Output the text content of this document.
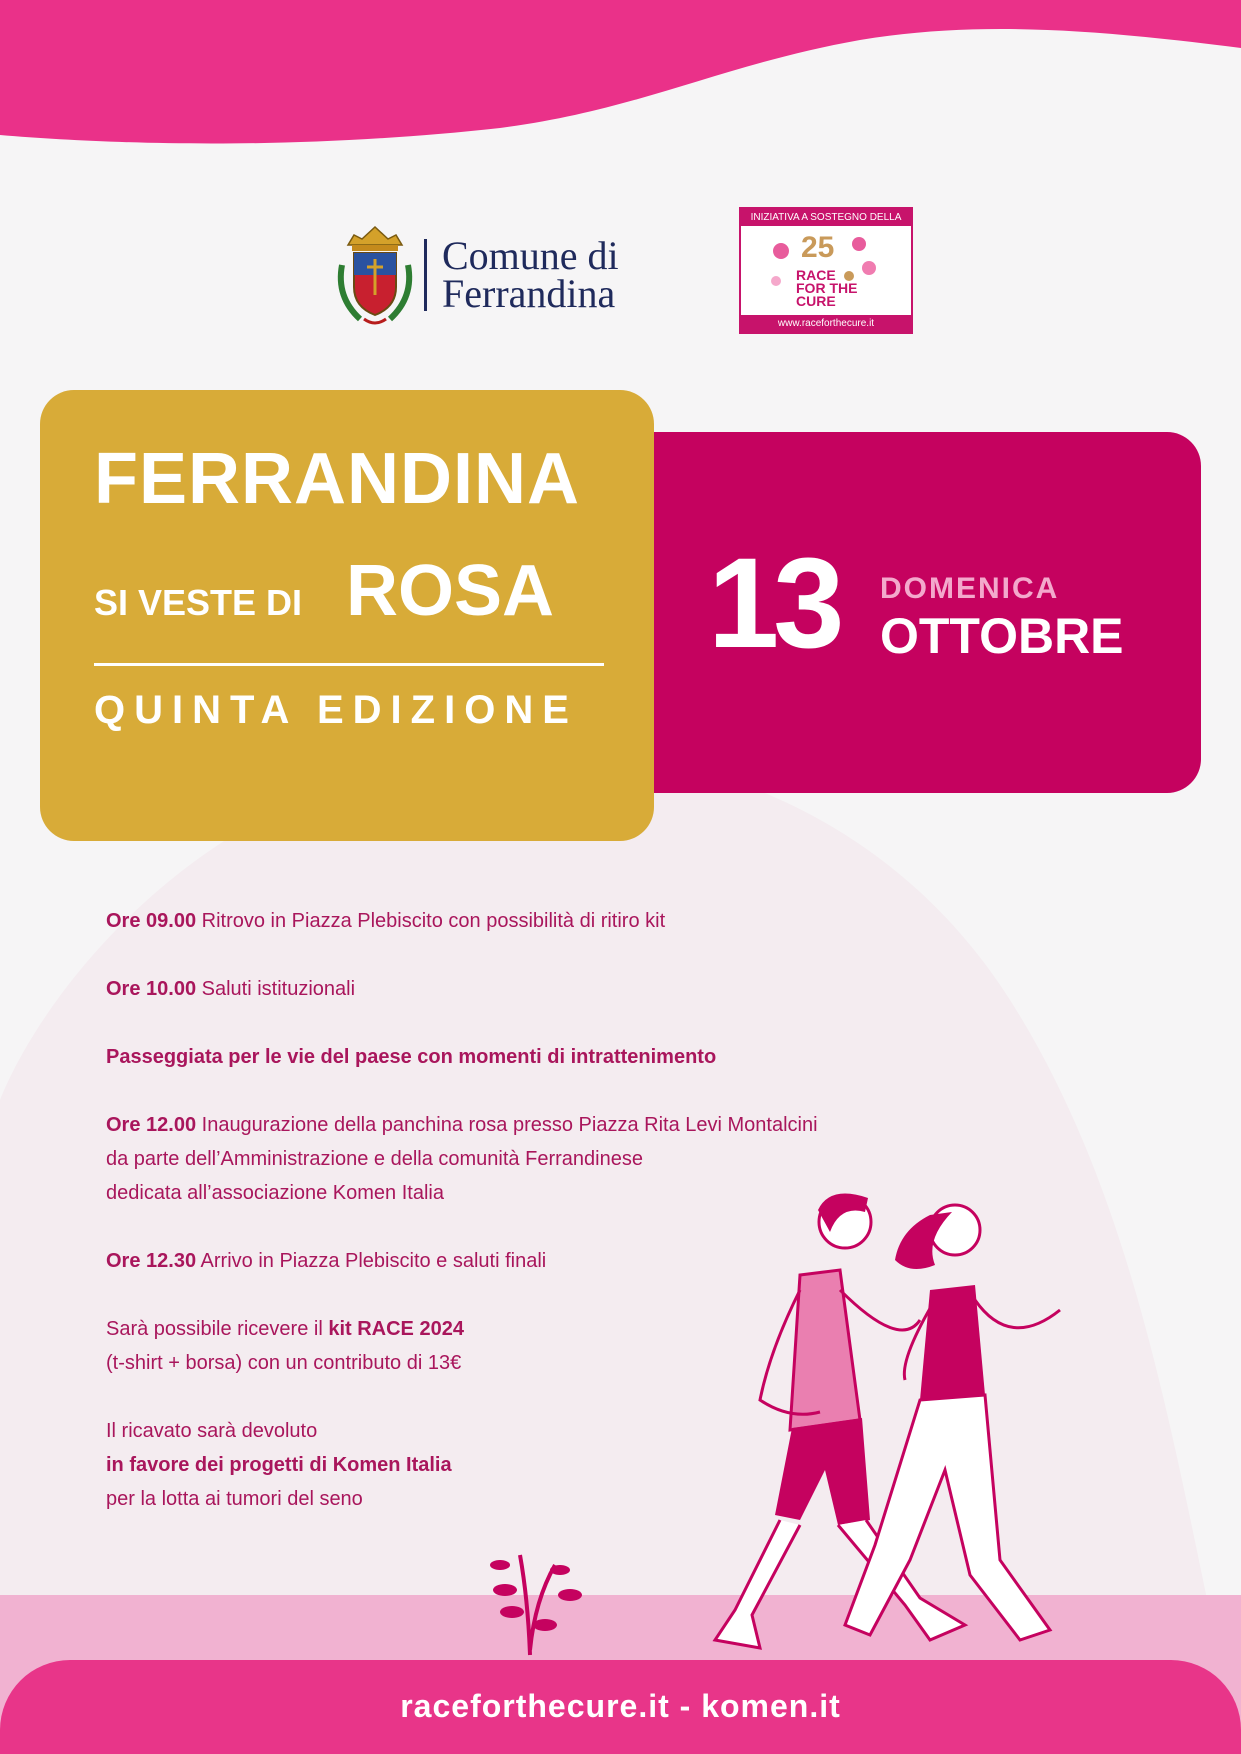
Comune di
Ferrandina
INIZIATIVA A SOSTEGNO DELLA
25
RACE
FOR THE
CURE
www.raceforthecure.it
13 DOMENICA
OTTOBRE
FERRANDINA
SI VESTE DI ROSA
QUINTA EDIZIONE

Ore 09.00 Ritrovo in Piazza Plebiscito con possibilità di ritiro kit

Ore 10.00 Saluti istituzionali

Passeggiata per le vie del paese con momenti di intrattenimento

Ore 12.00 Inaugurazione della panchina rosa presso Piazza Rita Levi Montalcini
da parte dell’Amministrazione e della comunità Ferrandinese
dedicata all’associazione Komen Italia

Ore 12.30 Arrivo in Piazza Plebiscito e saluti finali

Sarà possibile ricevere il kit RACE 2024
(t-shirt + borsa) con un contributo di 13€

Il ricavato sarà devoluto
in favore dei progetti di Komen Italia
per la lotta ai tumori del seno

raceforthecure.it - komen.it
